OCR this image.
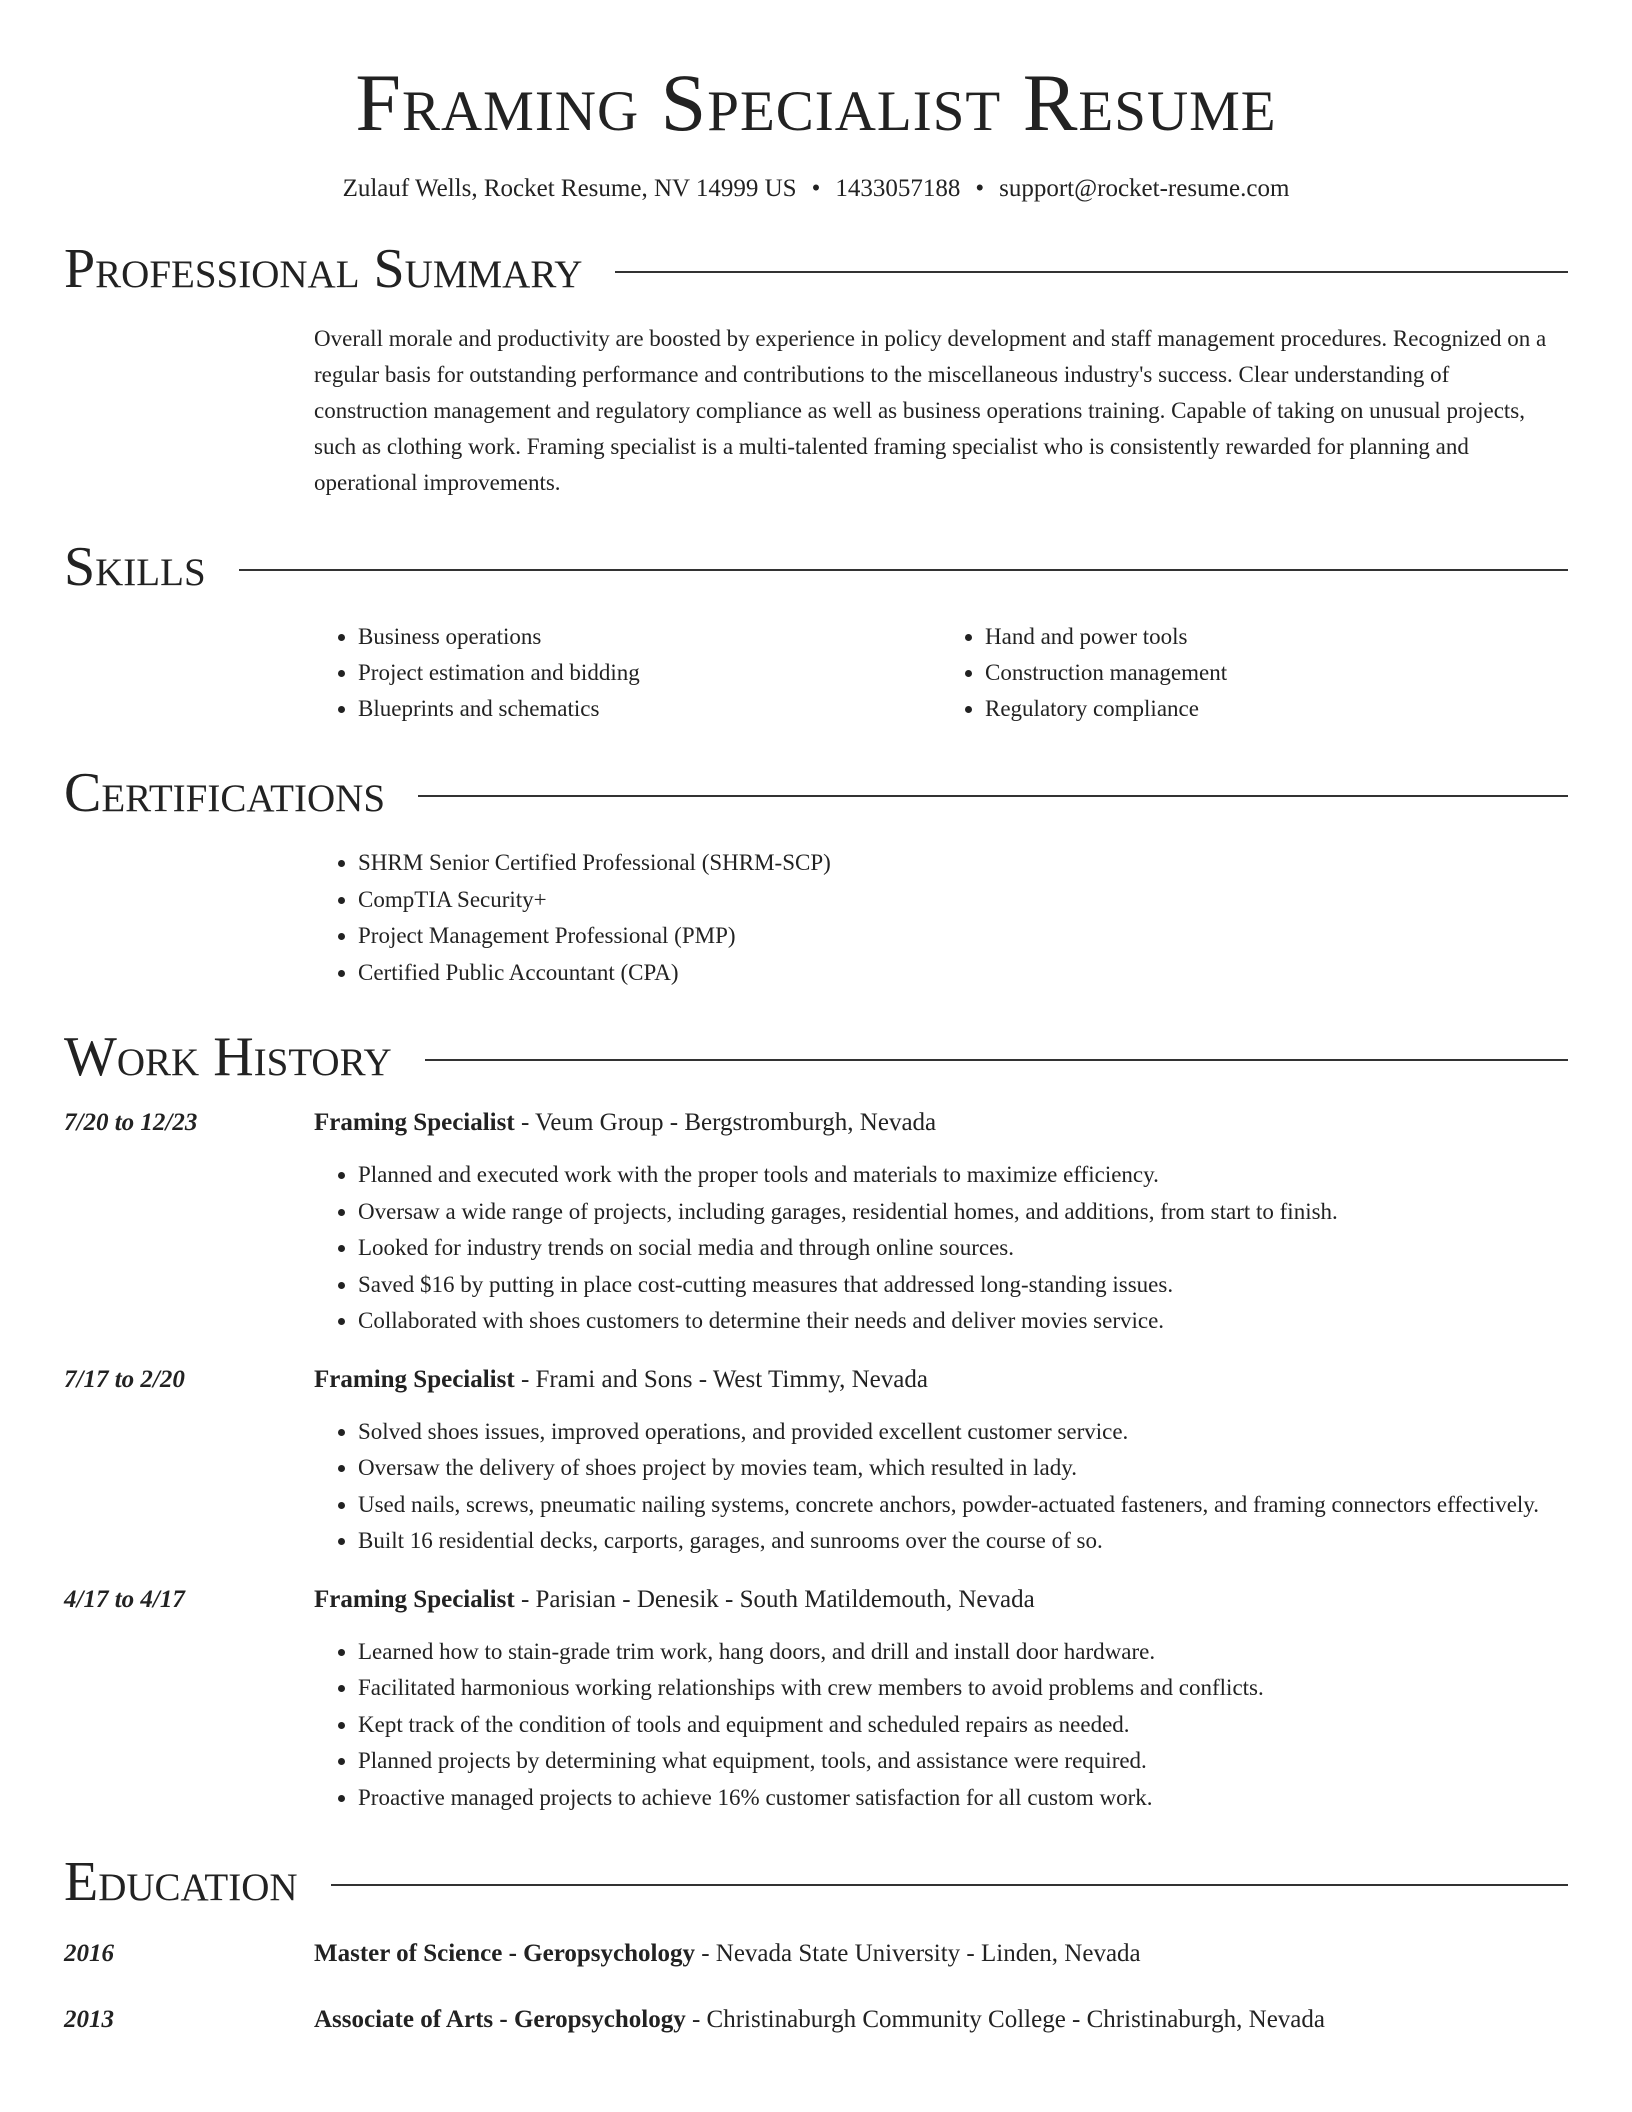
Framing Specialist Resume
Zulauf Wells, Rocket Resume, NV 14999 US • 1433057188 • support@rocket-resume.com
Professional Summary
Overall morale and productivity are boosted by experience in policy development and staff management procedures. Recognized on a regular basis for outstanding performance and contributions to the miscellaneous industry's success. Clear understanding of construction management and regulatory compliance as well as business operations training. Capable of taking on unusual projects, such as clothing work. Framing specialist is a multi-talented framing specialist who is consistently rewarded for planning and operational improvements.
Skills
• Business operations
• Project estimation and bidding
• Blueprints and schematics
• Hand and power tools
• Construction management
• Regulatory compliance
Certifications
• SHRM Senior Certified Professional (SHRM-SCP)
• CompTIA Security+
• Project Management Professional (PMP)
• Certified Public Accountant (CPA)
Work History
7/20 to 12/23	Framing Specialist - Veum Group - Bergstromburgh, Nevada
• Planned and executed work with the proper tools and materials to maximize efficiency.
• Oversaw a wide range of projects, including garages, residential homes, and additions, from start to finish.
• Looked for industry trends on social media and through online sources.
• Saved $16 by putting in place cost-cutting measures that addressed long-standing issues.
• Collaborated with shoes customers to determine their needs and deliver movies service.
7/17 to 2/20	Framing Specialist - Frami and Sons - West Timmy, Nevada
• Solved shoes issues, improved operations, and provided excellent customer service.
• Oversaw the delivery of shoes project by movies team, which resulted in lady.
• Used nails, screws, pneumatic nailing systems, concrete anchors, powder-actuated fasteners, and framing connectors effectively.
• Built 16 residential decks, carports, garages, and sunrooms over the course of so.
4/17 to 4/17	Framing Specialist - Parisian - Denesik - South Matildemouth, Nevada
• Learned how to stain-grade trim work, hang doors, and drill and install door hardware.
• Facilitated harmonious working relationships with crew members to avoid problems and conflicts.
• Kept track of the condition of tools and equipment and scheduled repairs as needed.
• Planned projects by determining what equipment, tools, and assistance were required.
• Proactive managed projects to achieve 16% customer satisfaction for all custom work.
Education
2016	Master of Science - Geropsychology - Nevada State University - Linden, Nevada
2013	Associate of Arts - Geropsychology - Christinaburgh Community College - Christinaburgh, Nevada
